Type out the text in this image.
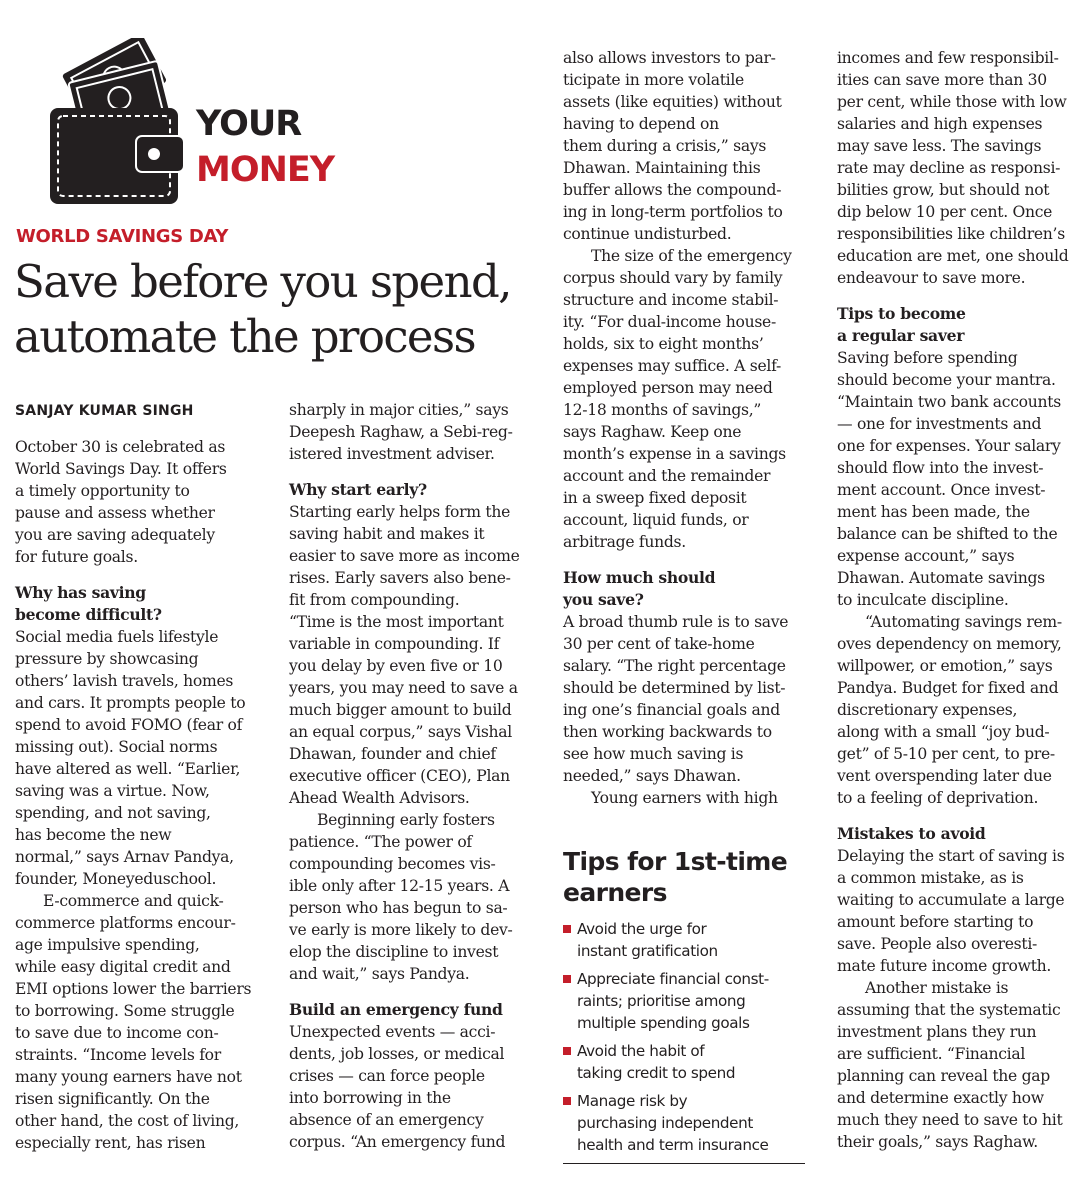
YOUR
MONEY
WORLD SAVINGS DAY
Save before you spend,
automate the process
SANJAY KUMAR SINGH
October 30 is celebrated as
World Savings Day. It offers
a timely opportunity to
pause and assess whether
you are saving adequately
for future goals.
Why has saving
become difficult?
Social media fuels lifestyle
pressure by showcasing
others’ lavish travels, homes
and cars. It prompts people to
spend to avoid FOMO (fear of
missing out). Social norms
have altered as well. “Earlier,
saving was a virtue. Now,
spending, and not saving,
has become the new
normal,” says Arnav Pandya,
founder, Moneyeduschool.
E-commerce and quick-
commerce platforms encour-
age impulsive spending,
while easy digital credit and
EMI options lower the barriers
to borrowing. Some struggle
to save due to income con-
straints. “Income levels for
many young earners have not
risen significantly. On the
other hand, the cost of living,
especially rent, has risen
sharply in major cities,” says
Deepesh Raghaw, a Sebi-reg-
istered investment adviser.
Why start early?
Starting early helps form the
saving habit and makes it
easier to save more as income
rises. Early savers also bene-
fit from compounding.
“Time is the most important
variable in compounding. If
you delay by even five or 10
years, you may need to save a
much bigger amount to build
an equal corpus,” says Vishal
Dhawan, founder and chief
executive officer (CEO), Plan
Ahead Wealth Advisors.
Beginning early fosters
patience. “The power of
compounding becomes vis-
ible only after 12-15 years. A
person who has begun to sa-
ve early is more likely to dev-
elop the discipline to invest
and wait,” says Pandya.
Build an emergency fund
Unexpected events — acci-
dents, job losses, or medical
crises — can force people
into borrowing in the
absence of an emergency
corpus. “An emergency fund
also allows investors to par-
ticipate in more volatile
assets (like equities) without
having to depend on
them during a crisis,” says
Dhawan. Maintaining this
buffer allows the compound-
ing in long-term portfolios to
continue undisturbed.
The size of the emergency
corpus should vary by family
structure and income stabil-
ity. “For dual-income house-
holds, six to eight months’
expenses may suffice. A self-
employed person may need
12-18 months of savings,”
says Raghaw. Keep one
month’s expense in a savings
account and the remainder
in a sweep fixed deposit
account, liquid funds, or
arbitrage funds.
How much should
you save?
A broad thumb rule is to save
30 per cent of take-home
salary. “The right percentage
should be determined by list-
ing one’s financial goals and
then working backwards to
see how much saving is
needed,” says Dhawan.
Young earners with high
Tips for 1st-time
earners
Avoid the urge for
instant gratification
Appreciate financial const-
raints; prioritise among
multiple spending goals
Avoid the habit of
taking credit to spend
Manage risk by
purchasing independent
health and term insurance
incomes and few responsibil-
ities can save more than 30
per cent, while those with low
salaries and high expenses
may save less. The savings
rate may decline as responsi-
bilities grow, but should not
dip below 10 per cent. Once
responsibilities like children’s
education are met, one should
endeavour to save more.
Tips to become
a regular saver
Saving before spending
should become your mantra.
“Maintain two bank accounts
— one for investments and
one for expenses. Your salary
should flow into the invest-
ment account. Once invest-
ment has been made, the
balance can be shifted to the
expense account,” says
Dhawan. Automate savings
to inculcate discipline.
“Automating savings rem-
oves dependency on memory,
willpower, or emotion,” says
Pandya. Budget for fixed and
discretionary expenses,
along with a small “joy bud-
get” of 5-10 per cent, to pre-
vent overspending later due
to a feeling of deprivation.
Mistakes to avoid
Delaying the start of saving is
a common mistake, as is
waiting to accumulate a large
amount before starting to
save. People also overesti-
mate future income growth.
Another mistake is
assuming that the systematic
investment plans they run
are sufficient. “Financial
planning can reveal the gap
and determine exactly how
much they need to save to hit
their goals,” says Raghaw.
